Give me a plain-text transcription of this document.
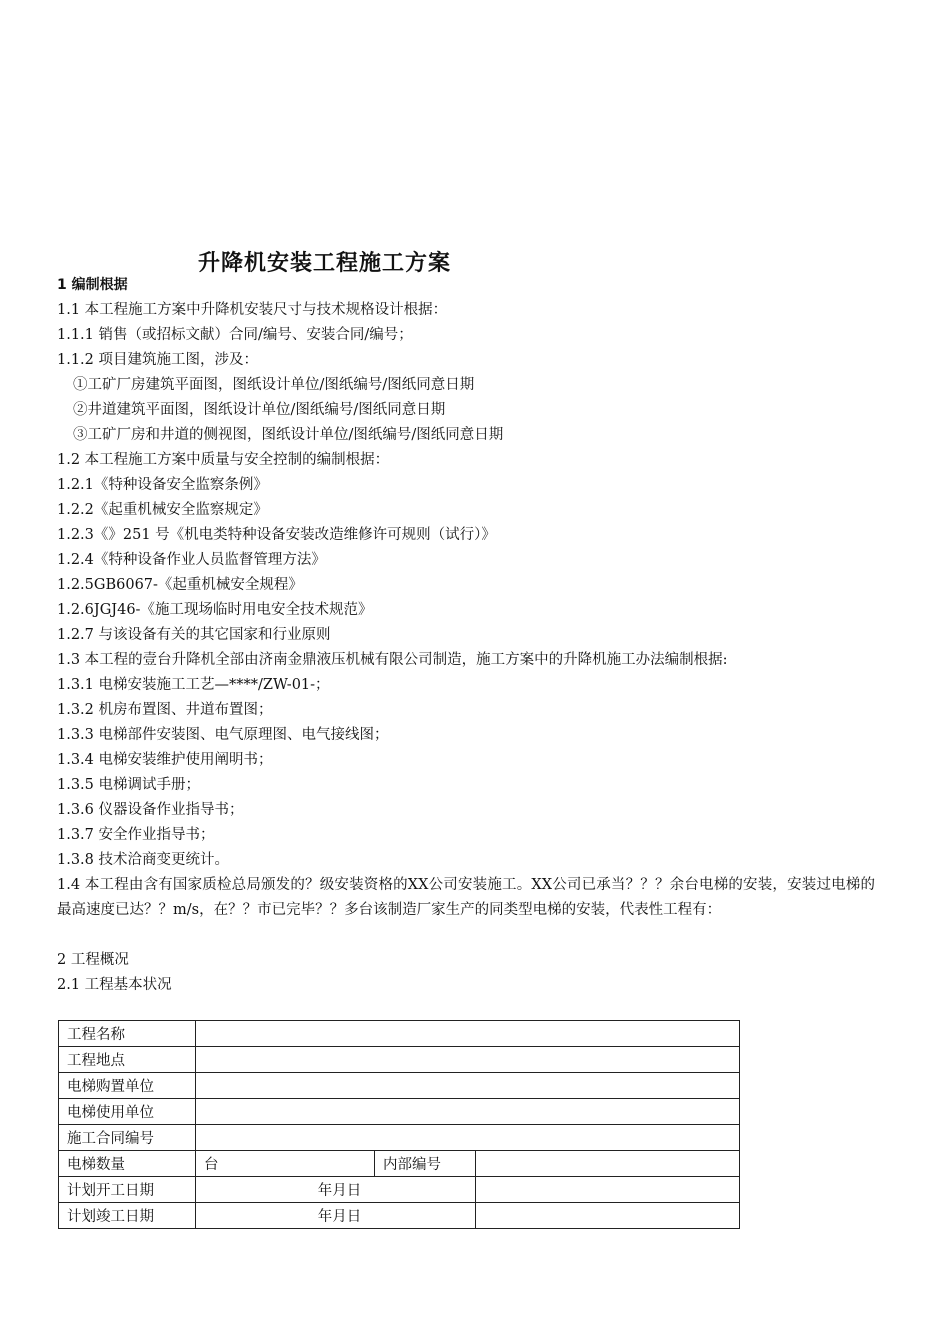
升降机安装工程施工方案
1 编制根据
1.1 本工程施工方案中升降机安装尺寸与技术规格设计根据：
1.1.1 销售（或招标文献）合同/编号、安装合同/编号；
1.1.2 项目建筑施工图，涉及：
①工矿厂房建筑平面图，图纸设计单位/图纸编号/图纸同意日期
②井道建筑平面图，图纸设计单位/图纸编号/图纸同意日期
③工矿厂房和井道的侧视图，图纸设计单位/图纸编号/图纸同意日期
1.2 本工程施工方案中质量与安全控制的编制根据：
1.2.1《特种设备安全监察条例》
1.2.2《起重机械安全监察规定》
1.2.3《》251 号《机电类特种设备安装改造维修许可规则（试行）》
1.2.4《特种设备作业人员监督管理方法》
1.2.5GB6067-《起重机械安全规程》
1.2.6JGJ46-《施工现场临时用电安全技术规范》
1.2.7 与该设备有关的其它国家和行业原则
1.3 本工程的壹台升降机全部由济南金鼎液压机械有限公司制造，施工方案中的升降机施工办法编制根据:
1.3.1 电梯安装施工工艺—****/ZW-01-；
1.3.2 机房布置图、井道布置图；
1.3.3 电梯部件安装图、电气原理图、电气接线图；
1.3.4 电梯安装维护使用阐明书；
1.3.5 电梯调试手册；
1.3.6 仪器设备作业指导书；
1.3.7 安全作业指导书；
1.3.8 技术洽商变更统计。
1.4 本工程由含有国家质检总局颁发的？级安装资格的XX公司安装施工。XX公司已承当？？？余台电梯的安装，安装过电梯的最高速度已达？？m/s，在？？市已完毕？？多台该制造厂家生产的同类型电梯的安装，代表性工程有：
2 工程概况
2.1 工程基本状况
工程名称			
工程地点			
电梯购置单位			
电梯使用单位			
施工合同编号			
电梯数量	台	内部编号	
计划开工日期	年月日		
计划竣工日期	年月日		
